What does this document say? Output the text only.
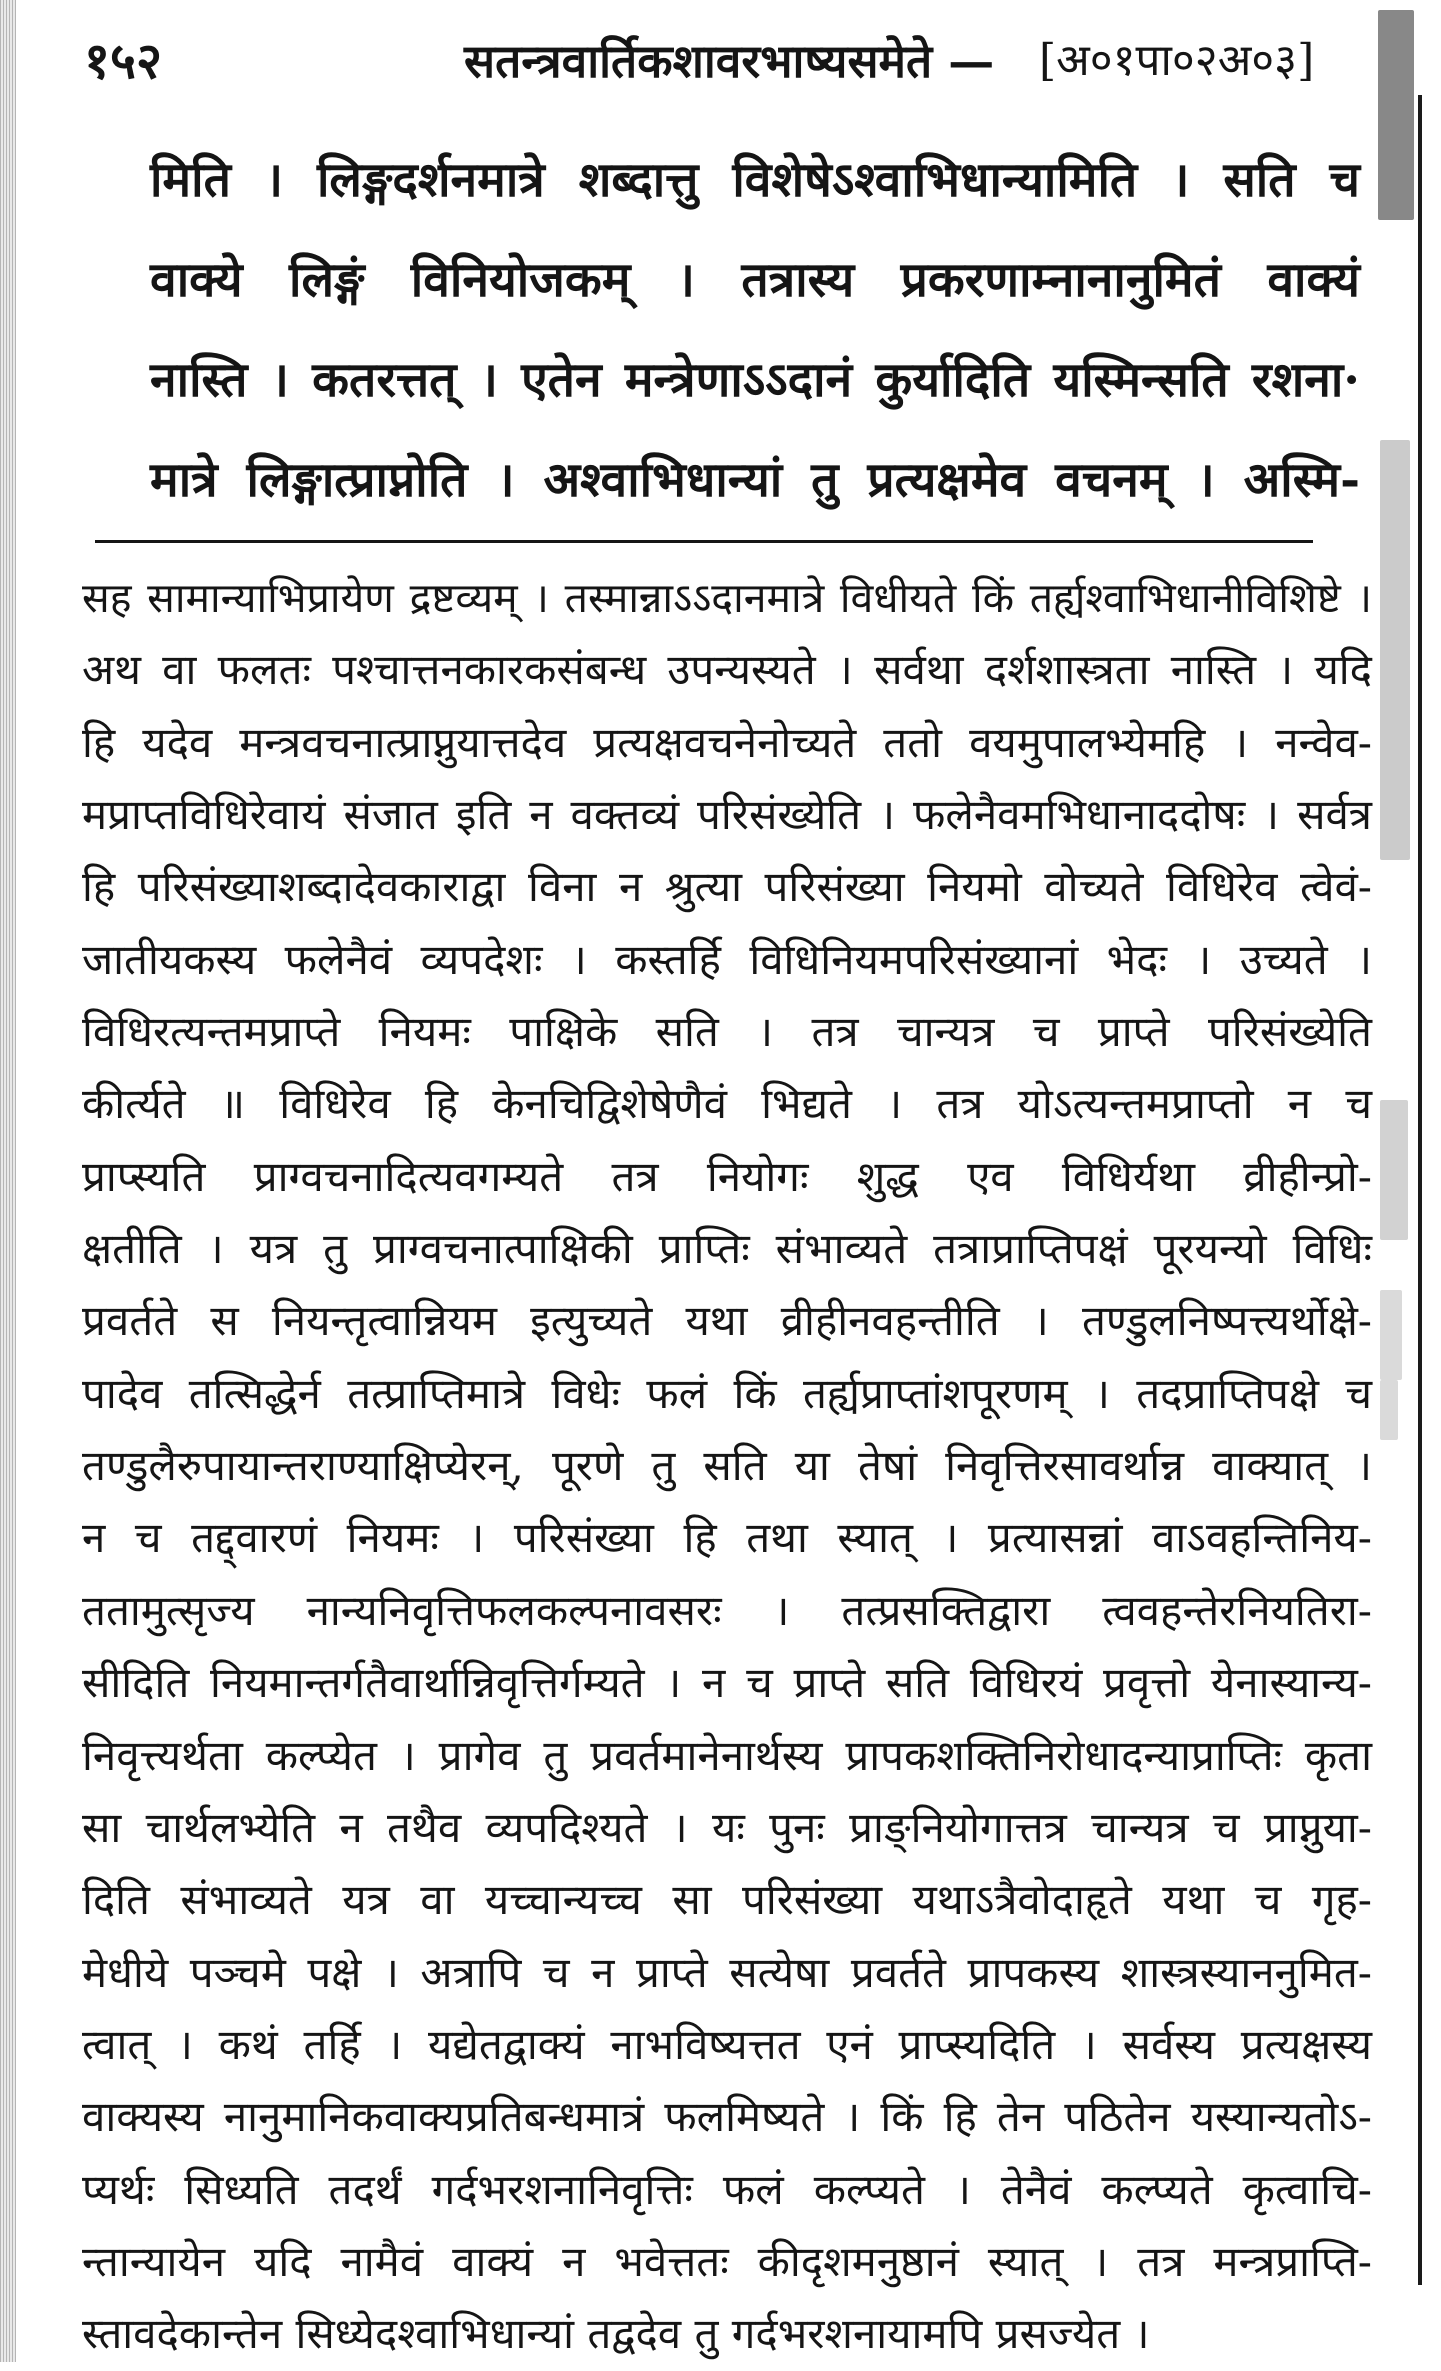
१५२	सतन्त्रवार्तिकशावरभाष्यसमेते — [अ०१पा०२अ०३]
मिति । लिङ्गदर्शनमात्रे शब्दात्तु विशेषेऽश्वाभिधान्यामिति । सति च
वाक्ये लिङ्गं विनियोजकम् । तत्रास्य प्रकरणाम्नानानुमितं वाक्यं
नास्ति । कतरत्तत् । एतेन मन्त्रेणाऽऽदानं कुर्यादिति यस्मिन्सति रशना·
मात्रे लिङ्गात्प्राप्नोति । अश्वाभिधान्यां तु प्रत्यक्षमेव वचनम् । अस्मि-
सह सामान्याभिप्रायेण द्रष्टव्यम् । तस्मान्नाऽऽदानमात्रे विधीयते किं तर्ह्यश्वाभिधानीविशिष्टे ।
अथ वा फलतः पश्चात्तनकारकसंबन्ध उपन्यस्यते । सर्वथा दर्शशास्त्रता नास्ति । यदि
हि यदेव मन्त्रवचनात्प्राप्नुयात्तदेव प्रत्यक्षवचनेनोच्यते ततो वयमुपालभ्येमहि । नन्वेव-
मप्राप्तविधिरेवायं संजात इति न वक्तव्यं परिसंख्येति । फलेनैवमभिधानाददोषः । सर्वत्र
हि परिसंख्याशब्दादेवकाराद्वा विना न श्रुत्या परिसंख्या नियमो वोच्यते विधिरेव त्वेवं-
जातीयकस्य फलेनैवं व्यपदेशः । कस्तर्हि विधिनियमपरिसंख्यानां भेदः । उच्यते ।
विधिरत्यन्तमप्राप्ते नियमः पाक्षिके सति । तत्र चान्यत्र च प्राप्ते परिसंख्येति
कीर्त्यते ॥ विधिरेव हि केनचिद्विशेषेणैवं भिद्यते । तत्र योऽत्यन्तमप्राप्तो न च
प्राप्स्यति प्राग्वचनादित्यवगम्यते तत्र नियोगः शुद्ध एव विधिर्यथा व्रीहीन्प्रो-
क्षतीति । यत्र तु प्राग्वचनात्पाक्षिकी प्राप्तिः संभाव्यते तत्राप्राप्तिपक्षं पूरयन्यो विधिः
प्रवर्तते स नियन्तृत्वान्नियम इत्युच्यते यथा व्रीहीनवहन्तीति । तण्डुलनिष्पत्त्यर्थोक्षे-
पादेव तत्सिद्धेर्न तत्प्राप्तिमात्रे विधेः फलं किं तर्ह्यप्राप्तांशपूरणम् । तदप्राप्तिपक्षे च
तण्डुलैरुपायान्तराण्याक्षिप्येरन्, पूरणे तु सति या तेषां निवृत्तिरसावर्थान्न वाक्यात् ।
न च तद्द्वारणं नियमः । परिसंख्या हि तथा स्यात् । प्रत्यासन्नां वाऽवहन्तिनिय-
ततामुत्सृज्य नान्यनिवृत्तिफलकल्पनावसरः । तत्प्रसक्तिद्वारा त्ववहन्तेरनियतिरा-
सीदिति नियमान्तर्गतैवार्थान्निवृत्तिर्गम्यते । न च प्राप्ते सति विधिरयं प्रवृत्तो येनास्यान्य-
निवृत्त्यर्थता कल्प्येत । प्रागेव तु प्रवर्तमानेनार्थस्य प्रापकशक्तिनिरोधादन्याप्राप्तिः कृता
सा चार्थलभ्येति न तथैव व्यपदिश्यते । यः पुनः प्राङ्नियोगात्तत्र चान्यत्र च प्राप्नुया-
दिति संभाव्यते यत्र वा यच्चान्यच्च सा परिसंख्या यथाऽत्रैवोदाहृते यथा च गृह-
मेधीये पञ्चमे पक्षे । अत्रापि च न प्राप्ते सत्येषा प्रवर्तते प्रापकस्य शास्त्रस्याननुमित-
त्वात् । कथं तर्हि । यद्येतद्वाक्यं नाभविष्यत्तत एनं प्राप्स्यदिति । सर्वस्य प्रत्यक्षस्य
वाक्यस्य नानुमानिकवाक्यप्रतिबन्धमात्रं फलमिष्यते । किं हि तेन पठितेन यस्यान्यतोऽ-
प्यर्थः सिध्यति तदर्थं गर्दभरशनानिवृत्तिः फलं कल्प्यते । तेनैवं कल्प्यते कृत्वाचि-
न्तान्यायेन यदि नामैवं वाक्यं न भवेत्ततः कीदृशमनुष्ठानं स्यात् । तत्र मन्त्रप्राप्ति-
स्तावदेकान्तेन सिध्येदश्वाभिधान्यां तद्वदेव तु गर्दभरशनायामपि प्रसज्येत ।
